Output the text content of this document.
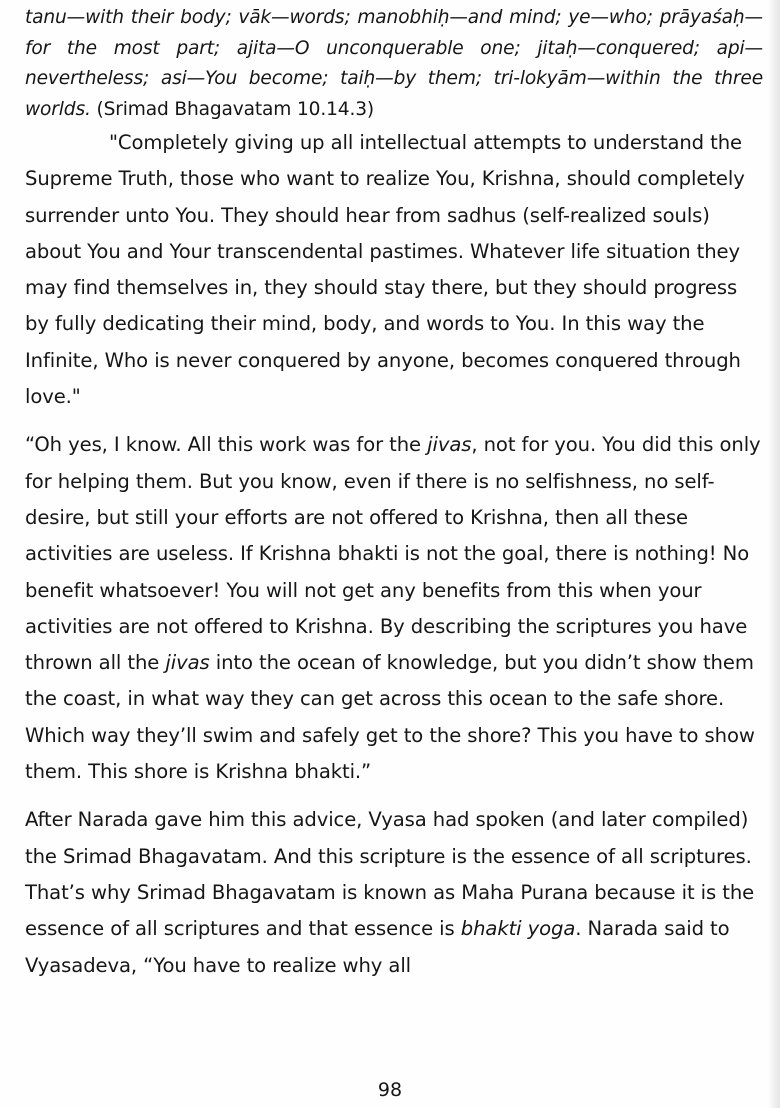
tanu—with their body; vāk—words; manobhiḥ—and mind; ye—who; prāyaśaḥ—for the most part; ajita—O unconquerable one; jitaḥ—conquered; api—nevertheless; asi—You become; taiḥ—by them; tri-lokyām—within the three worlds. (Srimad Bhagavatam 10.14.3)

"Completely giving up all intellectual attempts to understand the Supreme Truth, those who want to realize You, Krishna, should completely surrender unto You. They should hear from sadhus (self-realized souls) about You and Your transcendental pastimes. Whatever life situation they may find themselves in, they should stay there, but they should progress by fully dedicating their mind, body, and words to You. In this way the Infinite, Who is never conquered by anyone, becomes conquered through love."

“Oh yes, I know. All this work was for the jivas, not for you. You did this only for helping them. But you know, even if there is no selfishness, no self-desire, but still your efforts are not offered to Krishna, then all these activities are useless. If Krishna bhakti is not the goal, there is nothing! No benefit whatsoever! You will not get any benefits from this when your activities are not offered to Krishna. By describing the scriptures you have thrown all the jivas into the ocean of knowledge, but you didn’t show them the coast, in what way they can get across this ocean to the safe shore. Which way they’ll swim and safely get to the shore? This you have to show them. This shore is Krishna bhakti.”

After Narada gave him this advice, Vyasa had spoken (and later compiled) the Srimad Bhagavatam. And this scripture is the essence of all scriptures. That’s why Srimad Bhagavatam is known as Maha Purana because it is the essence of all scriptures and that essence is bhakti yoga. Narada said to Vyasadeva, “You have to realize why all

98
